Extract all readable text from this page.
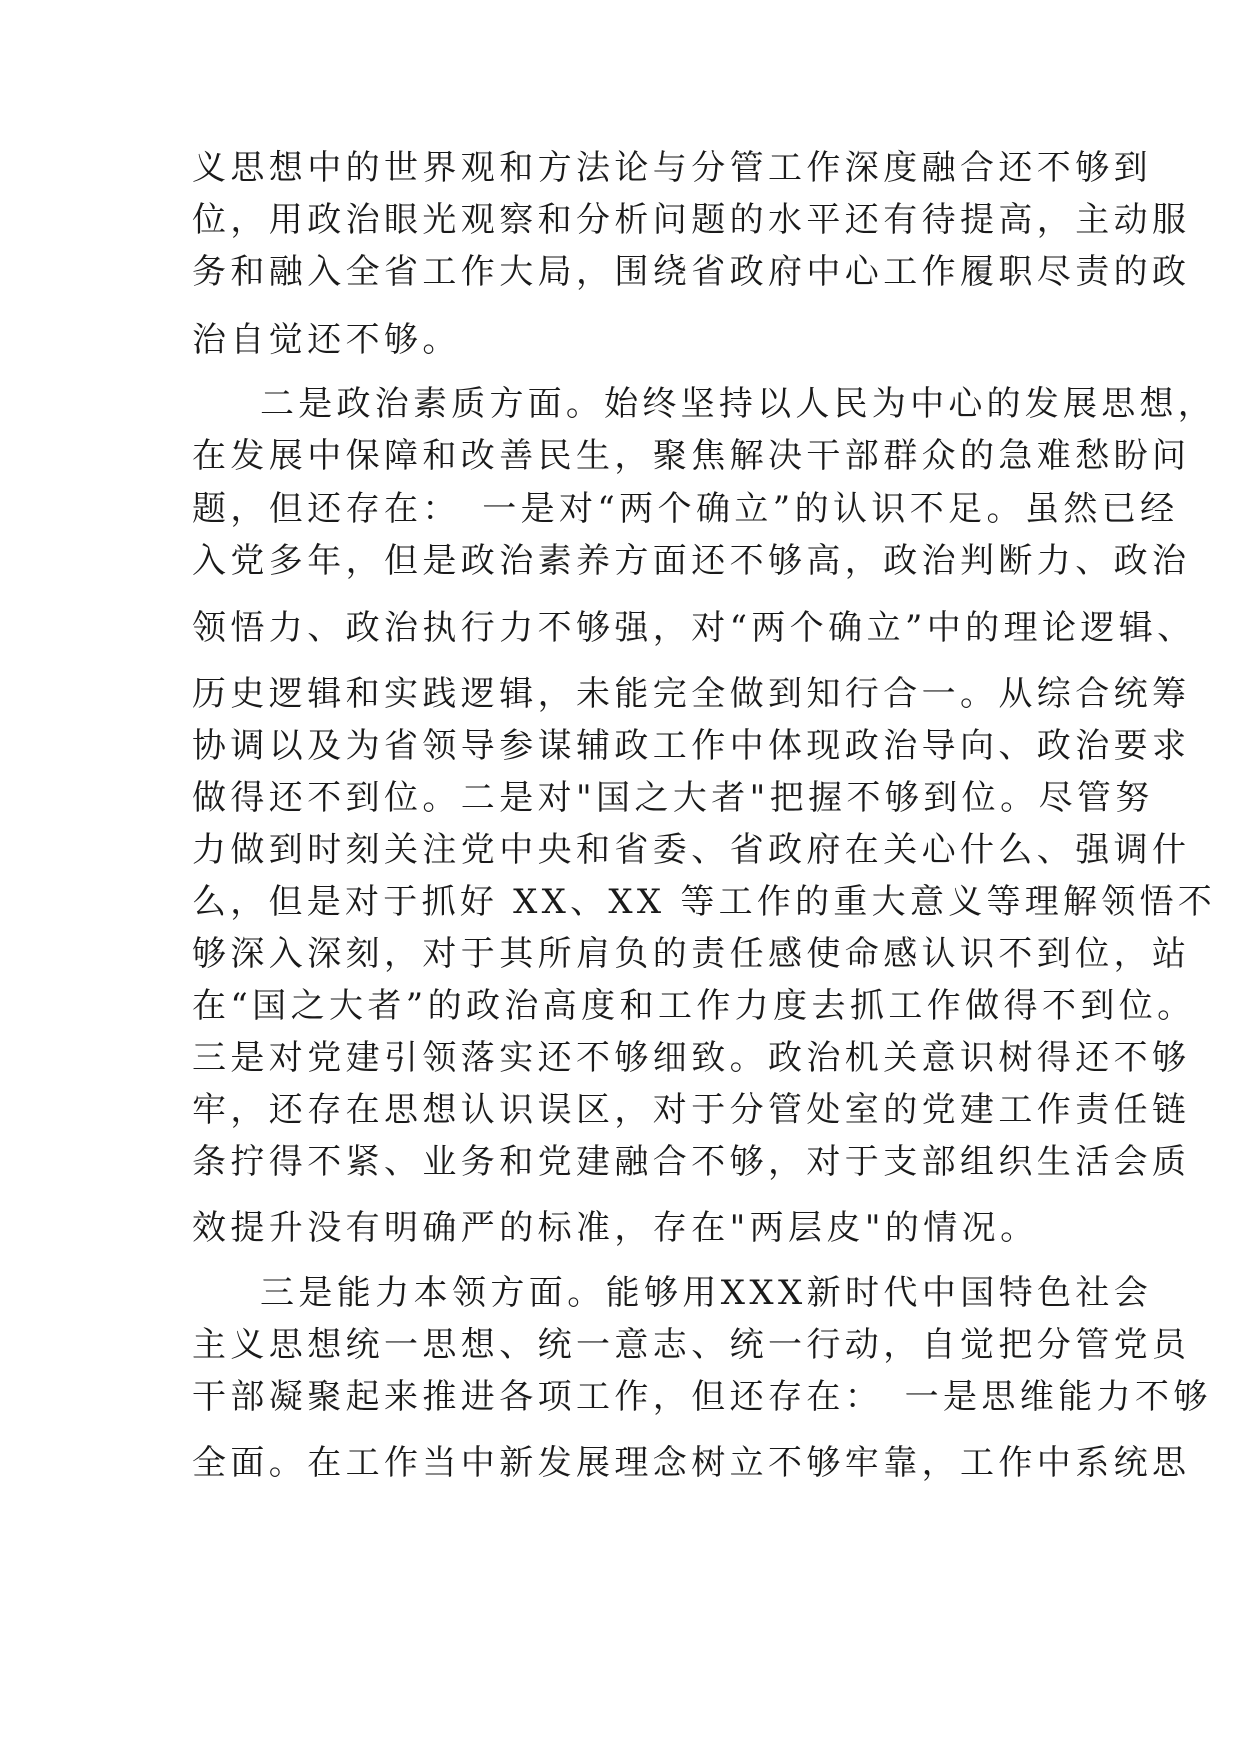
义思想中的世界观和方法论与分管工作深度融合还不够到
位，用政治眼光观察和分析问题的水平还有待提高，主动服
务和融入全省工作大局，围绕省政府中心工作履职尽责的政
治自觉还不够。
二是政治素质方面。始终坚持以人民为中心的发展思想，
在发展中保障和改善民生，聚焦解决干部群众的急难愁盼问
题，但还存在：　一是对“两个确立”的认识不足。虽然已经
入党多年，但是政治素养方面还不够高，政治判断力、政治
领悟力、政治执行力不够强，对“两个确立”中的理论逻辑、
历史逻辑和实践逻辑，未能完全做到知行合一。从综合统筹
协调以及为省领导参谋辅政工作中体现政治导向、政治要求
做得还不到位。二是对"国之大者"把握不够到位。尽管努
力做到时刻关注党中央和省委、省政府在关心什么、强调什
么，但是对于抓好 XX、XX 等工作的重大意义等理解领悟不
够深入深刻，对于其所肩负的责任感使命感认识不到位，站
在“国之大者”的政治高度和工作力度去抓工作做得不到位。
三是对党建引领落实还不够细致。政治机关意识树得还不够
牢，还存在思想认识误区，对于分管处室的党建工作责任链
条拧得不紧、业务和党建融合不够，对于支部组织生活会质
效提升没有明确严的标准，存在"两层皮"的情况。
三是能力本领方面。能够用XXX新时代中国特色社会
主义思想统一思想、统一意志、统一行动，自觉把分管党员
干部凝聚起来推进各项工作，但还存在：　一是思维能力不够
全面。在工作当中新发展理念树立不够牢靠，工作中系统思
